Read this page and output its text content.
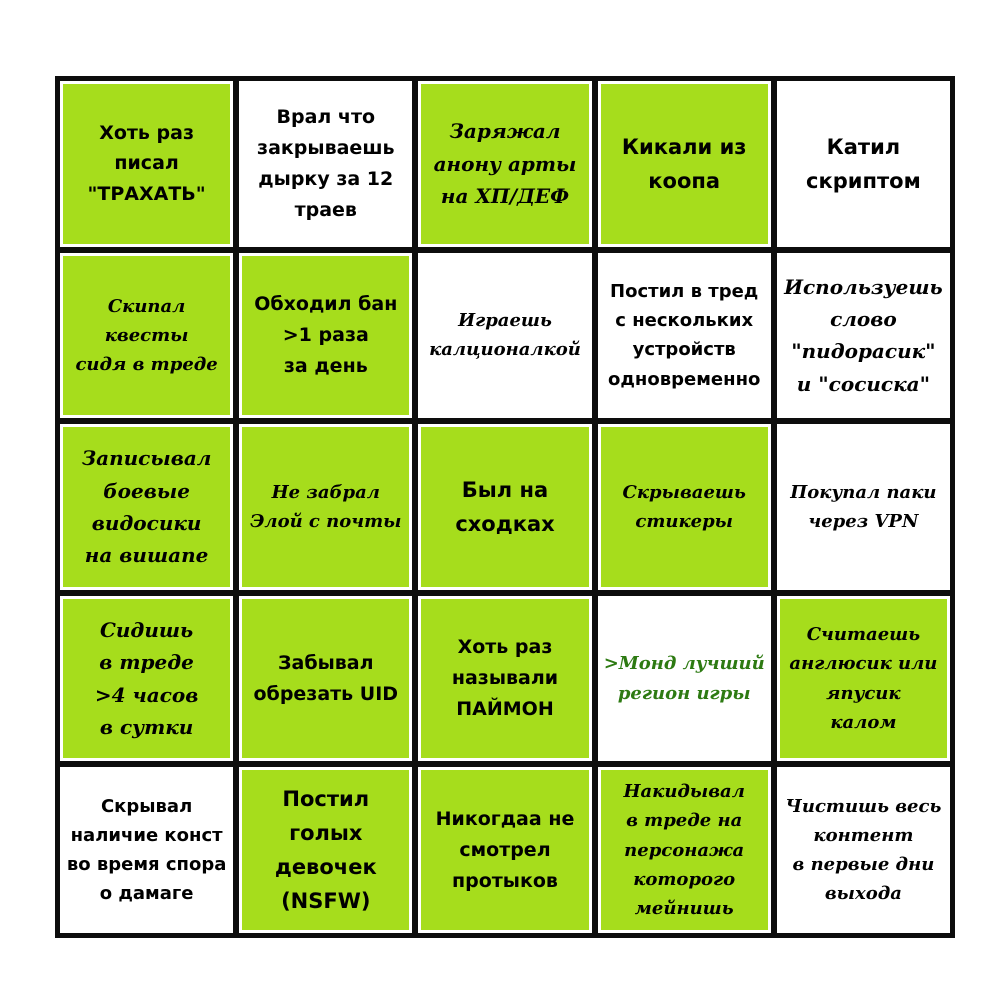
Хоть раз
писал
"ТРАХАТЬ"
Врал что
закрываешь
дырку за 12
траев
Заряжал
анону арты
на ХП/ДЕФ
Кикали из
коопа
Катил
скриптом
Скипал квесты
сидя в треде
Обходил бан
>1 раза
за день
Играешь
калционалкой
Постил в тред
с нескольких
устройств
одновременно
Используешь
слово
"пидорасик"
и "сосиска"
Записывал
боевые
видосики
на вишапе
Не забрал
Элой с почты
Был на
сходках
Скрываешь
стикеры
Покупал паки
через VPN
Сидишь
в треде
>4 часов
в сутки
Забывал
обрезать UID
Хоть раз
называли
ПАЙМОН
>Монд лучший
регион игры
Считаешь
англюсик или
япусик
калом
Скрывал
наличие конст
во время спора
о дамаге
Постил
голых
девочек
(NSFW)
Никогдаа не
смотрел
протыков
Накидывал
в треде на
персонажа
которого
мейнишь
Чистишь весь
контент
в первые дни
выхода
